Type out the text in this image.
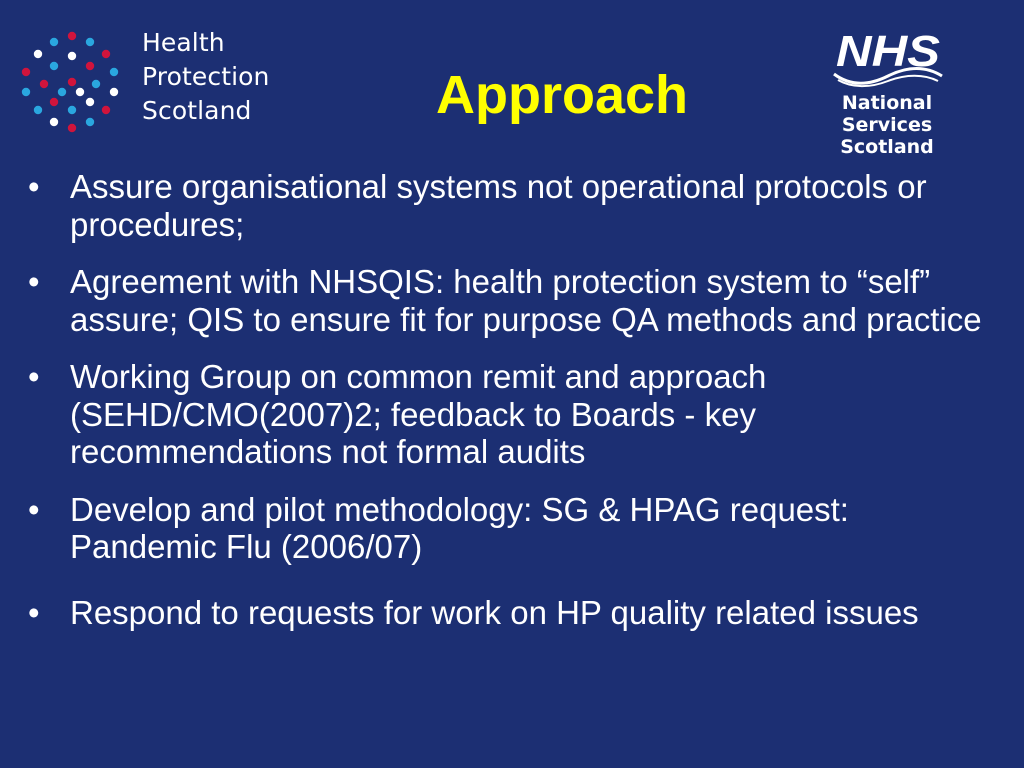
Health
Protection
Scotland	Approach
NHS
National
Services
Scotland
• Assure organisational systems not operational protocols or procedures;
• Agreement with NHSQIS: health protection system to “self” assure; QIS to ensure fit for purpose QA methods and practice
• Working Group on common remit and approach (SEHD/CMO(2007)2; feedback to Boards - key recommendations not formal audits
• Develop and pilot methodology: SG & HPAG request: Pandemic Flu (2006/07)
• Respond to requests for work on HP quality related issues
